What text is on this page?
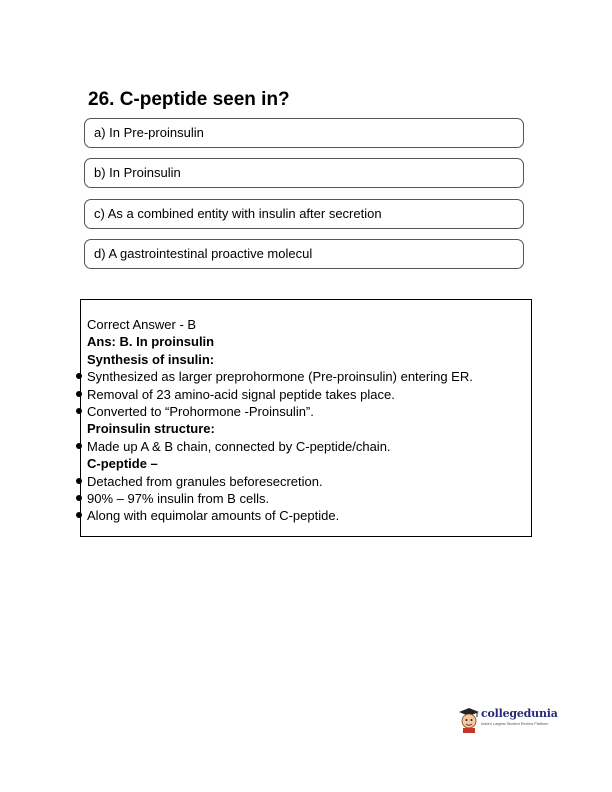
26. C-peptide seen in?
a) In Pre-proinsulin
b) In Proinsulin
c) As a combined entity with insulin after secretion
d) A gastrointestinal proactive molecul

Correct Answer - B

Ans: B. In proinsulin

Synthesis of insulin:

Synthesized as larger preprohormone (Pre-proinsulin) entering ER.

Removal of 23 amino-acid signal peptide takes place.

Converted to “Prohormone -Proinsulin”.

Proinsulin structure:

Made up A & B chain, connected by C-peptide/chain.

C-peptide –

Detached from granules beforesecretion.

90% – 97% insulin from B cells.

Along with equimolar amounts of C-peptide.

collegedunia
India's Largest Student Review Platform
